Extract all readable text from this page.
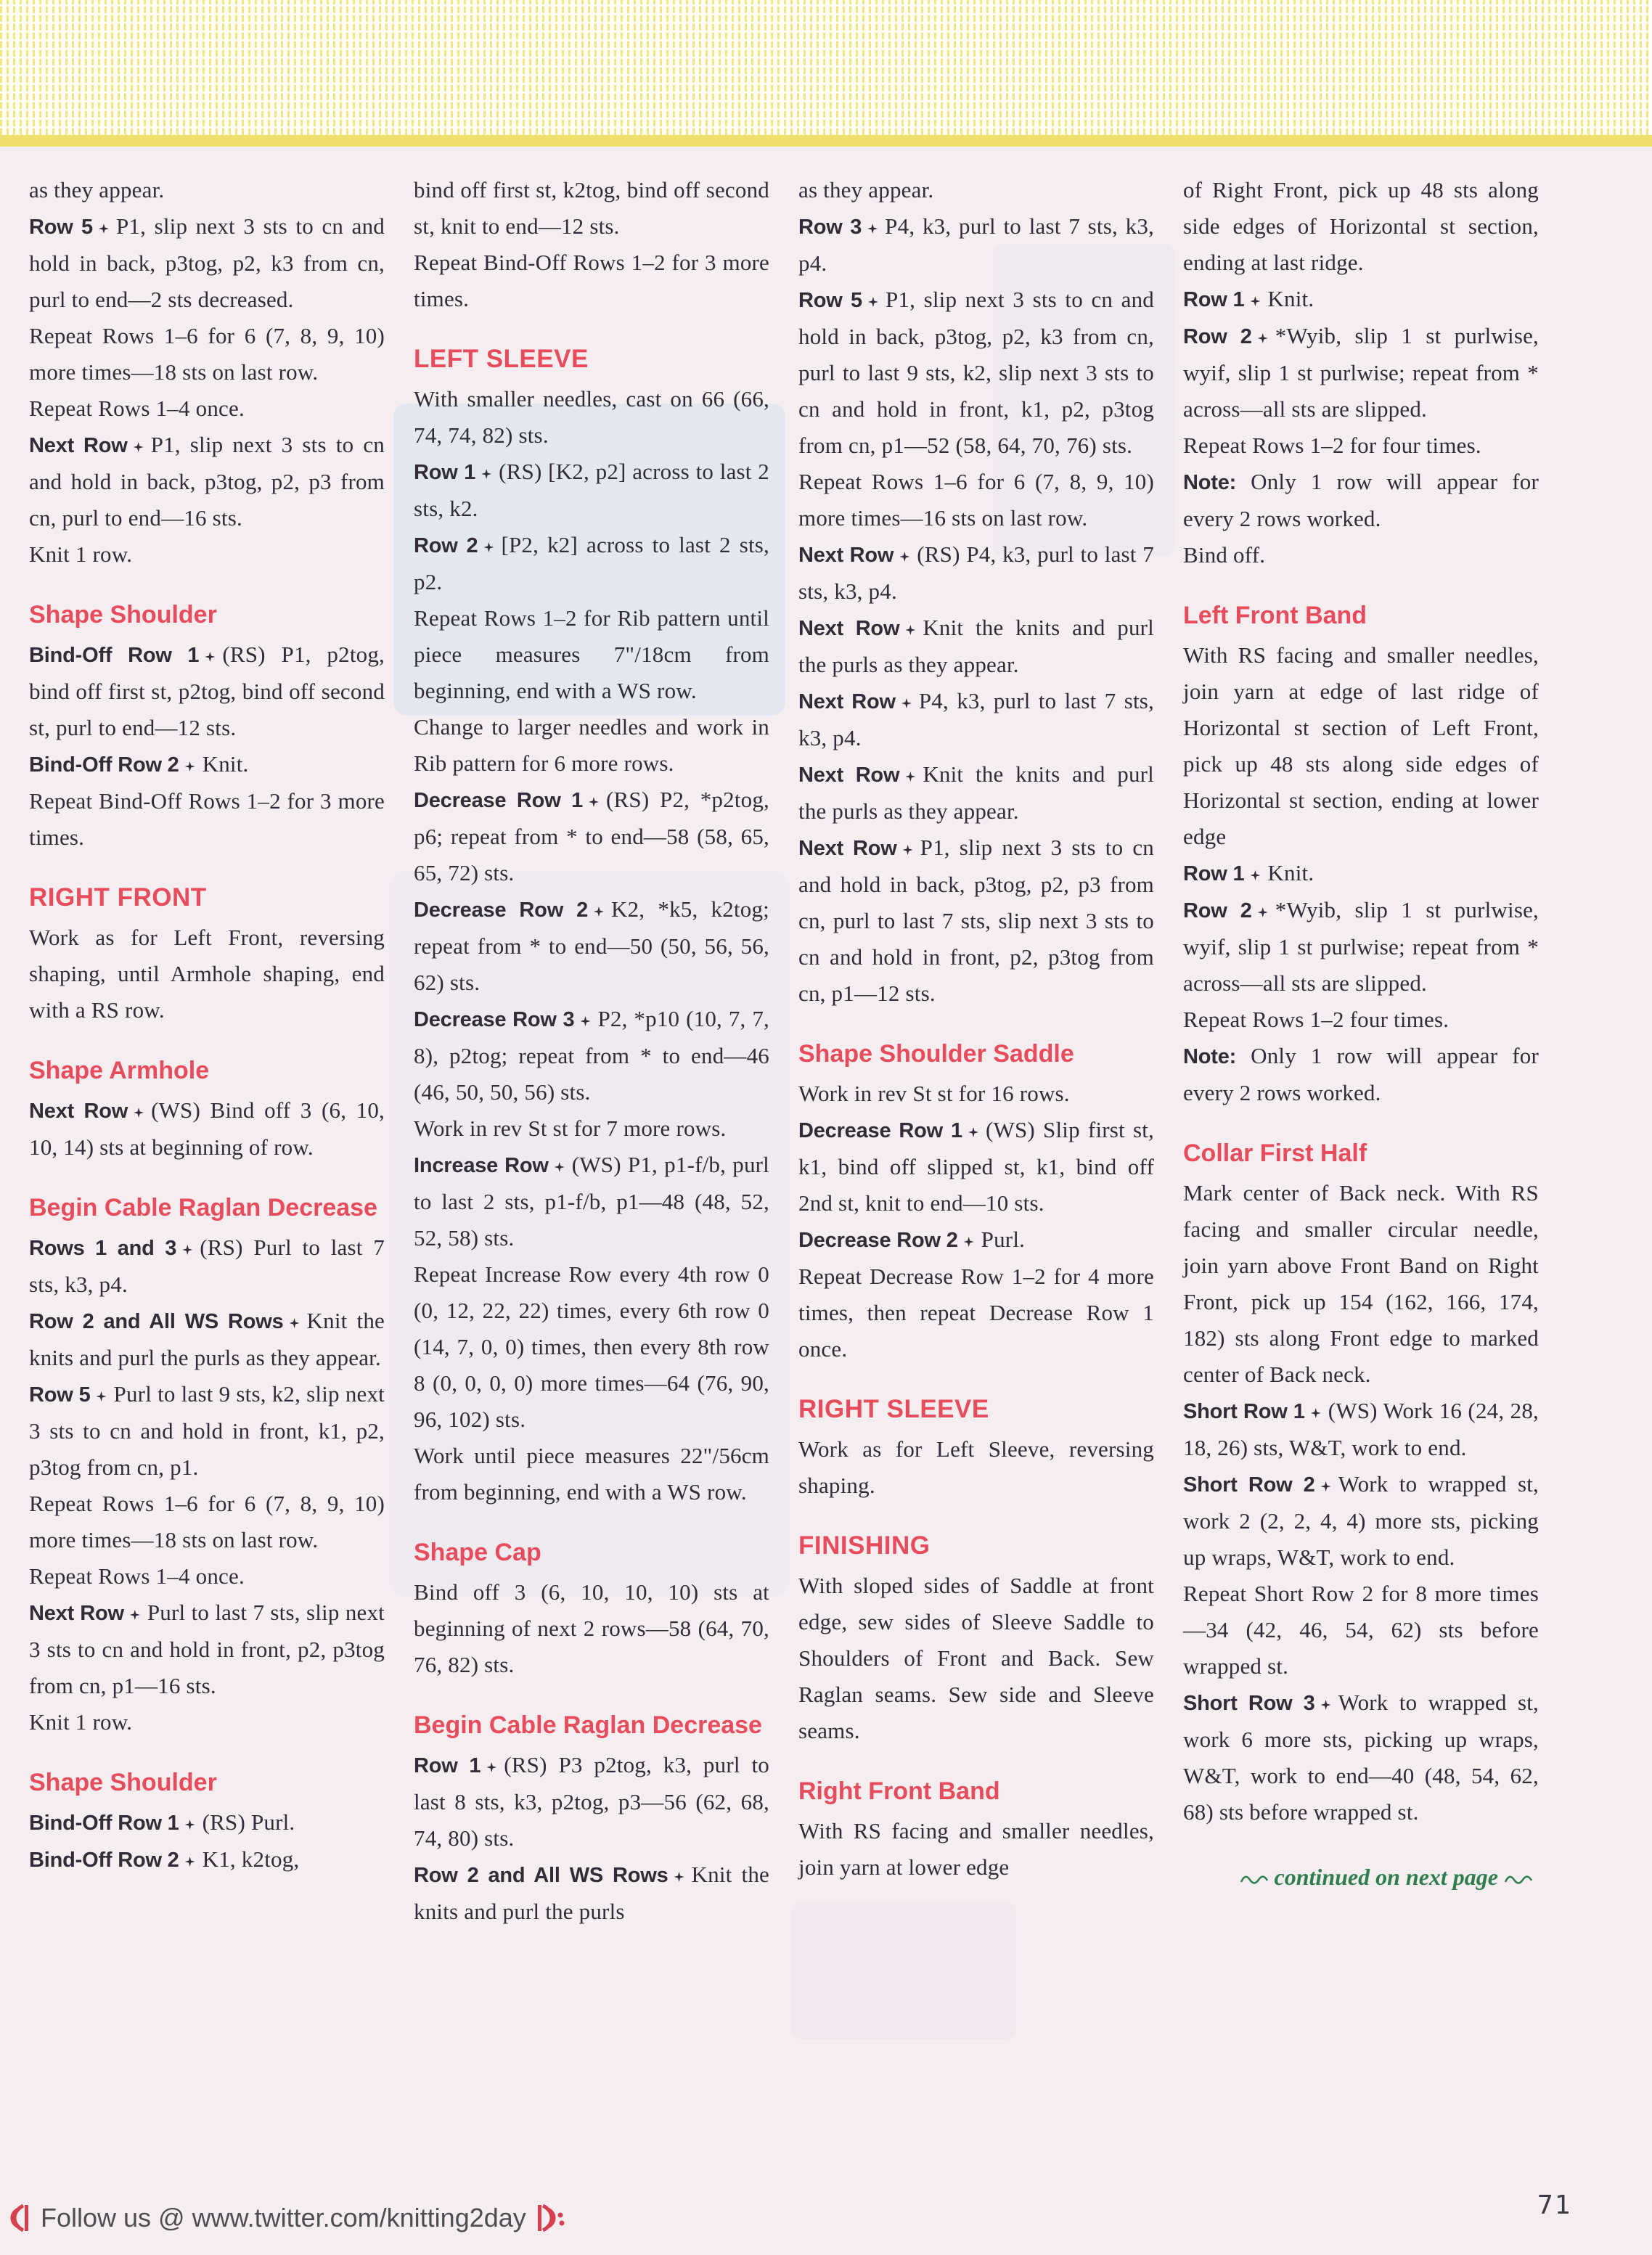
as they appear.

Row 5 P1, slip next 3 sts to cn and hold in back, p3tog, p2, k3 from cn, purl to end—2 sts decreased.

Repeat Rows 1–6 for 6 (7, 8, 9, 10) more times—18 sts on last row.

Repeat Rows 1–4 once.

Next Row P1, slip next 3 sts to cn and hold in back, p3tog, p2, p3 from cn, purl to end—16 sts.

Knit 1 row.

Shape Shoulder

Bind-Off Row 1 (RS) P1, p2tog, bind off first st, p2tog, bind off second st, purl to end—12 sts.

Bind-Off Row 2 Knit.

Repeat Bind-Off Rows 1–2 for 3 more times.

RIGHT FRONT

Work as for Left Front, reversing shaping, until Armhole shaping, end with a RS row.

Shape Armhole

Next Row (WS) Bind off 3 (6, 10, 10, 14) sts at beginning of row.

Begin Cable Raglan Decrease

Rows 1 and 3 (RS) Purl to last 7 sts, k3, p4.

Row 2 and All WS Rows Knit the knits and purl the purls as they appear.

Row 5 Purl to last 9 sts, k2, slip next 3 sts to cn and hold in front, k1, p2, p3tog from cn, p1.

Repeat Rows 1–6 for 6 (7, 8, 9, 10) more times—18 sts on last row.

Repeat Rows 1–4 once.

Next Row Purl to last 7 sts, slip next 3 sts to cn and hold in front, p2, p3tog from cn, p1—16 sts.

Knit 1 row.

Shape Shoulder

Bind-Off Row 1 (RS) Purl.

Bind-Off Row 2 K1, k2tog,

bind off first st, k2tog, bind off second st, knit to end—12 sts.

Repeat Bind-Off Rows 1–2 for 3 more times.

LEFT SLEEVE

With smaller needles, cast on 66 (66, 74, 74, 82) sts.

Row 1 (RS) [K2, p2] across to last 2 sts, k2.

Row 2 [P2, k2] across to last 2 sts, p2.

Repeat Rows 1–2 for Rib pattern until piece measures 7"/18cm from beginning, end with a WS row.

Change to larger needles and work in Rib pattern for 6 more rows.

Decrease Row 1 (RS) P2, *p2tog, p6; repeat from * to end—58 (58, 65, 65, 72) sts.

Decrease Row 2 K2, *k5, k2tog; repeat from * to end—50 (50, 56, 56, 62) sts.

Decrease Row 3 P2, *p10 (10, 7, 7, 8), p2tog; repeat from * to end—46 (46, 50, 50, 56) sts.

Work in rev St st for 7 more rows.

Increase Row (WS) P1, p1-f/b, purl to last 2 sts, p1-f/b, p1—48 (48, 52, 52, 58) sts.

Repeat Increase Row every 4th row 0 (0, 12, 22, 22) times, every 6th row 0 (14, 7, 0, 0) times, then every 8th row 8 (0, 0, 0, 0) more times—64 (76, 90, 96, 102) sts.

Work until piece measures 22"/56cm from beginning, end with a WS row.

Shape Cap

Bind off 3 (6, 10, 10, 10) sts at beginning of next 2 rows—58 (64, 70, 76, 82) sts.

Begin Cable Raglan Decrease

Row 1 (RS) P3 p2tog, k3, purl to last 8 sts, k3, p2tog, p3—56 (62, 68, 74, 80) sts.

Row 2 and All WS Rows Knit the knits and purl the purls

as they appear.

Row 3 P4, k3, purl to last 7 sts, k3, p4.

Row 5 P1, slip next 3 sts to cn and hold in back, p3tog, p2, k3 from cn, purl to last 9 sts, k2, slip next 3 sts to cn and hold in front, k1, p2, p3tog from cn, p1—52 (58, 64, 70, 76) sts.

Repeat Rows 1–6 for 6 (7, 8, 9, 10) more times—16 sts on last row.

Next Row (RS) P4, k3, purl to last 7 sts, k3, p4.

Next Row Knit the knits and purl the purls as they appear.

Next Row P4, k3, purl to last 7 sts, k3, p4.

Next Row Knit the knits and purl the purls as they appear.

Next Row P1, slip next 3 sts to cn and hold in back, p3tog, p2, p3 from cn, purl to last 7 sts, slip next 3 sts to cn and hold in front, p2, p3tog from cn, p1—12 sts.

Shape Shoulder Saddle

Work in rev St st for 16 rows.

Decrease Row 1 (WS) Slip first st, k1, bind off slipped st, k1, bind off 2nd st, knit to end—10 sts.

Decrease Row 2 Purl.

Repeat Decrease Row 1–2 for 4 more times, then repeat Decrease Row 1 once.

RIGHT SLEEVE

Work as for Left Sleeve, reversing shaping.

FINISHING

With sloped sides of Saddle at front edge, sew sides of Sleeve Saddle to Shoulders of Front and Back. Sew Raglan seams. Sew side and Sleeve seams.

Right Front Band

With RS facing and smaller needles, join yarn at lower edge

of Right Front, pick up 48 sts along side edges of Horizontal st section, ending at last ridge.

Row 1 Knit.

Row 2 *Wyib, slip 1 st purlwise, wyif, slip 1 st purlwise; repeat from * across—all sts are slipped.

Repeat Rows 1–2 for four times.

Note: Only 1 row will appear for every 2 rows worked.

Bind off.

Left Front Band

With RS facing and smaller needles, join yarn at edge of last ridge of Horizontal st section of Left Front, pick up 48 sts along side edges of Horizontal st section, ending at lower edge

Row 1 Knit.

Row 2 *Wyib, slip 1 st purlwise, wyif, slip 1 st purlwise; repeat from * across—all sts are slipped.

Repeat Rows 1–2 four times.

Note: Only 1 row will appear for every 2 rows worked.

Collar First Half

Mark center of Back neck. With RS facing and smaller circular needle, join yarn above Front Band on Right Front, pick up 154 (162, 166, 174, 182) sts along Front edge to marked center of Back neck.

Short Row 1 (WS) Work 16 (24, 28, 18, 26) sts, W&T, work to end.

Short Row 2 Work to wrapped st, work 2 (2, 2, 4, 4) more sts, picking up wraps, W&T, work to end.

Repeat Short Row 2 for 8 more times—34 (42, 46, 54, 62) sts before wrapped st.

Short Row 3 Work to wrapped st, work 6 more sts, picking up wraps, W&T, work to end—40 (48, 54, 62, 68) sts before wrapped st.

continued on next page
Follow us @ www.twitter.com/knitting2day	71
